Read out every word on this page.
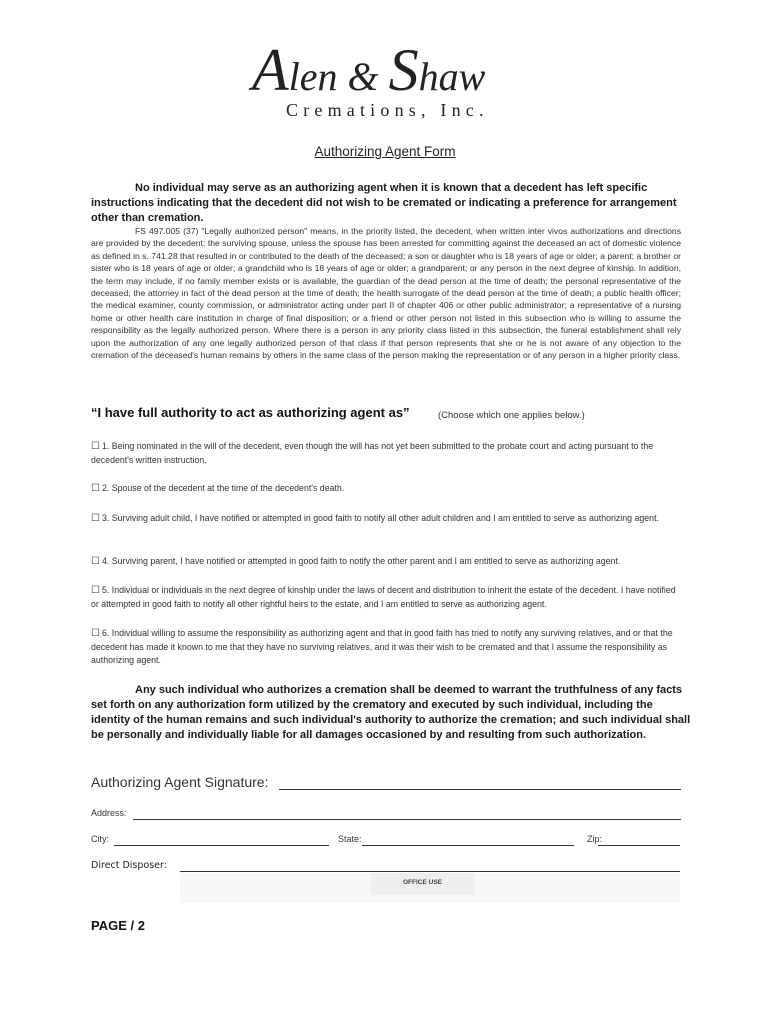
Alen & Shaw
Cremations, Inc.
Authorizing Agent Form

No individual may serve as an authorizing agent when it is known that a decedent has left specific instructions indicating that the decedent did not wish to be cremated or indicating a preference for arrangement other than cremation.

FS 497.005 (37) "Legally authorized person" means, in the priority listed, the decedent, when written inter vivos authorizations and directions are provided by the decedent; the surviving spouse, unless the spouse has been arrested for committing against the deceased an act of domestic violence as defined in s. 741.28 that resulted in or contributed to the death of the deceased; a son or daughter who is 18 years of age or older; a parent; a brother or sister who is 18 years of age or older; a grandchild who is 18 years of age or older; a grandparent; or any person in the next degree of kinship. In addition, the term may include, if no family member exists or is available, the guardian of the dead person at the time of death; the personal representative of the deceased; the attorney in fact of the dead person at the time of death; the health surrogate of the dead person at the time of death; a public health officer; the medical examiner, county commission, or administrator acting under part II of chapter 406 or other public administrator; a representative of a nursing home or other health care institution in charge of final disposition; or a friend or other person not listed in this subsection who is willing to assume the responsibility as the legally authorized person. Where there is a person in any priority class listed in this subsection, the funeral establishment shall rely upon the authorization of any one legally authorized person of that class if that person represents that she or he is not aware of any objection to the cremation of the deceased's human remains by others in the same class of the person making the representation or of any person in a higher priority class.

“I have full authority to act as authorizing agent as”	(Choose which one applies below.)

☐ 1. Being nominated in the will of the decedent, even though the will has not yet been submitted to the probate court and acting pursuant to the decedent's written instruction.

☐ 2. Spouse of the decedent at the time of the decedent's death.

☐ 3. Surviving adult child, I have notified or attempted in good faith to notify all other adult children and I am entitled to serve as authorizing agent.

☐ 4. Surviving parent, I have notified or attempted in good faith to notify the other parent and I am entitled to serve as authorizing agent.

☐ 5. Individual or individuals in the next degree of kinship under the laws of decent and distribution to inherit the estate of the decedent. I have notified or attempted in good faith to notify all other rightful heirs to the estate, and I am entitled to serve as authorizing agent.

☐ 6. Individual willing to assume the responsibility as authorizing agent and that in good faith has tried to notify any surviving relatives, and or that the decedent has made it known to me that they have no surviving relatives, and it was their wish to be cremated and that I assume the responsibility as authorizing agent.

Any such individual who authorizes a cremation shall be deemed to warrant the truthfulness of any facts set forth on any authorization form utilized by the crematory and executed by such individual, including the identity of the human remains and such individual's authority to authorize the cremation; and such individual shall be personally and individually liable for all damages occasioned by and resulting from such authorization.

Authorizing Agent Signature:
Address:
City:	State:	Zip:
Direct Disposer:
OFFICE USE
PAGE / 2
